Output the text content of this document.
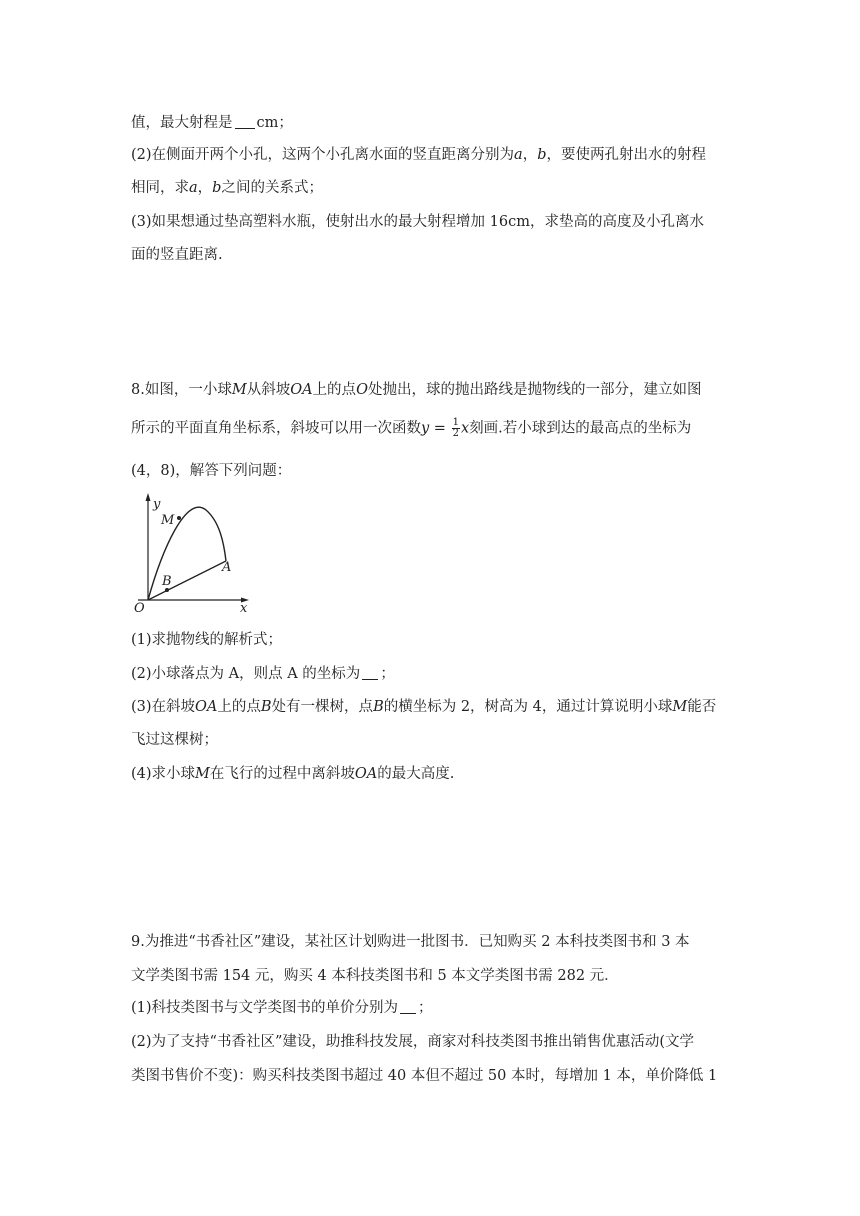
值，最大射程是 cm；
(2)在侧面开两个小孔，这两个小孔离水面的竖直距离分别为a，b，要使两孔射出水的射程
相同，求a，b之间的关系式；
(3)如果想通过垫高塑料水瓶，使射出水的最大射程增加 16cm，求垫高的高度及小孔离水
面的竖直距离.
8.如图，一小球M从斜坡OA上的点O处抛出，球的抛出路线是抛物线的一部分，建立如图
所示的平面直角坐标系，斜坡可以用一次函数$y = \frac{1}{2}$ x刻画.若小球到达的最高点的坐标为
(4，8)，解答下列问题：
y
M
A
B
O	x
(1)求抛物线的解析式；
(2)小球落点为 A，则点 A 的坐标为 ；
(3)在斜坡OA上的点B处有一棵树，点B的横坐标为 2，树高为 4，通过计算说明小球M能否
飞过这棵树；
(4)求小球M在飞行的过程中离斜坡OA的最大高度.
9.为推进“书香社区”建设，某社区计划购进一批图书．已知购买 2 本科技类图书和 3 本
文学类图书需 154 元，购买 4 本科技类图书和 5 本文学类图书需 282 元．
(1)科技类图书与文学类图书的单价分别为 ；
(2)为了支持“书香社区”建设，助推科技发展，商家对科技类图书推出销售优惠活动(文学
类图书售价不变)：购买科技类图书超过 40 本但不超过 50 本时，每增加 1 本，单价降低 1
